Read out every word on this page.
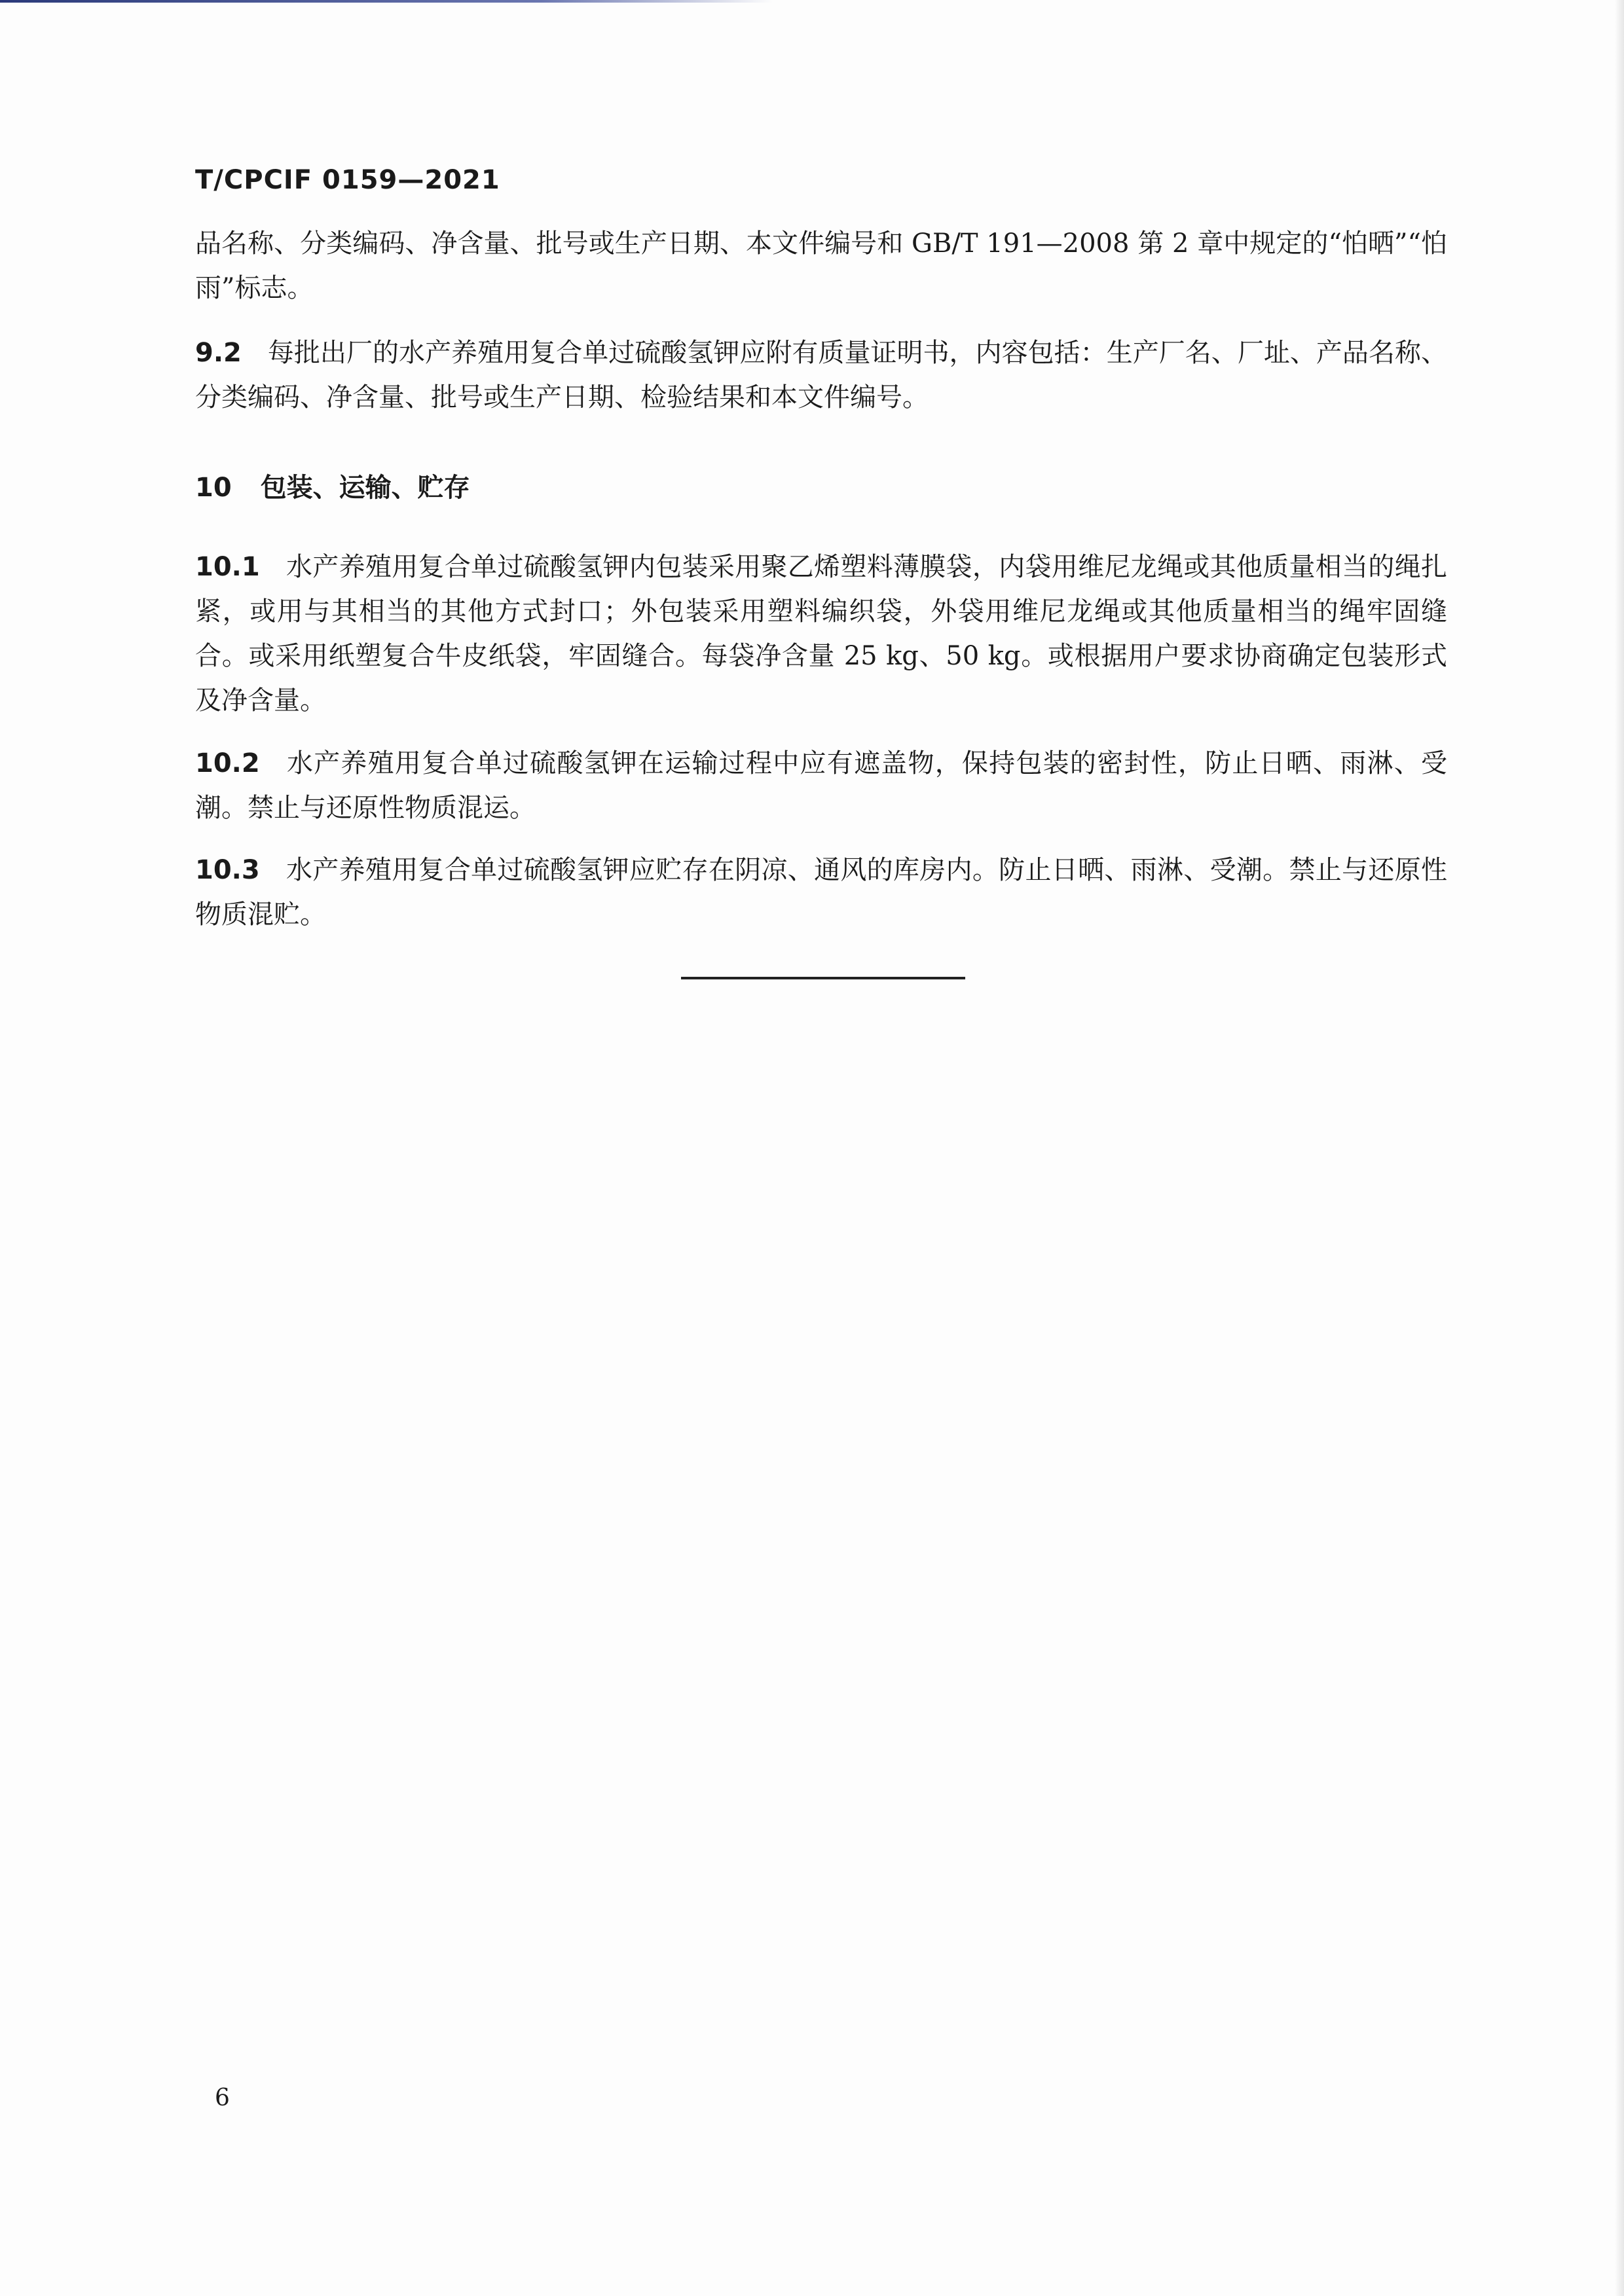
T/CPCIF 0159—2021

品名称、分类编码、净含量、批号或生产日期、本文件编号和 GB/T 191—2008 第 2 章中规定的“怕晒”“怕雨”标志。

9.2 每批出厂的水产养殖用复合单过硫酸氢钾应附有质量证明书，内容包括：生产厂名、厂址、产品名称、分类编码、净含量、批号或生产日期、检验结果和本文件编号。

10 包装、运输、贮存

10.1 水产养殖用复合单过硫酸氢钾内包装采用聚乙烯塑料薄膜袋，内袋用维尼龙绳或其他质量相当的绳扎紧，或用与其相当的其他方式封口；外包装采用塑料编织袋，外袋用维尼龙绳或其他质量相当的绳牢固缝合。或采用纸塑复合牛皮纸袋，牢固缝合。每袋净含量 25 kg、50 kg。或根据用户要求协商确定包装形式及净含量。

10.2 水产养殖用复合单过硫酸氢钾在运输过程中应有遮盖物，保持包装的密封性，防止日晒、雨淋、受潮。禁止与还原性物质混运。

10.3 水产养殖用复合单过硫酸氢钾应贮存在阴凉、通风的库房内。防止日晒、雨淋、受潮。禁止与还原性物质混贮。

6
